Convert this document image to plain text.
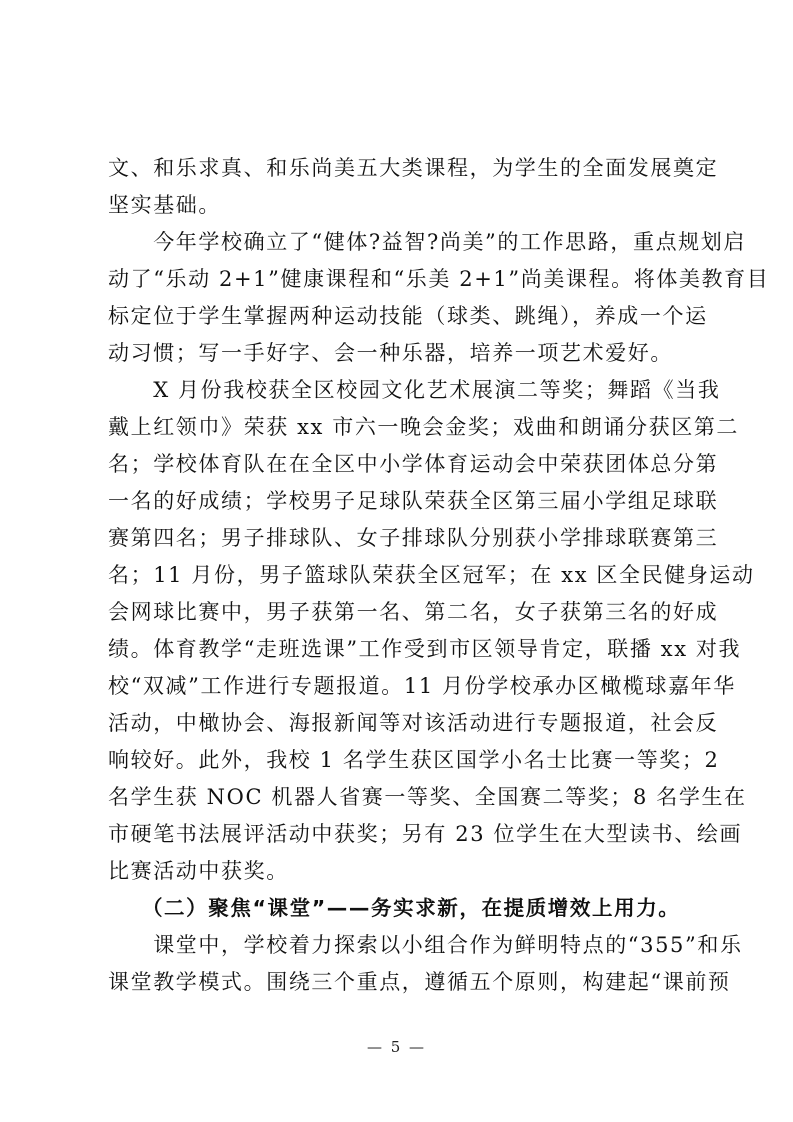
文、和乐求真、和乐尚美五大类课程，为学生的全面发展奠定
坚实基础。
　　今年学校确立了“健体?益智?尚美”的工作思路，重点规划启
动了“乐动 2+1”健康课程和“乐美 2+1”尚美课程。将体美教育目
标定位于学生掌握两种运动技能（球类、跳绳），养成一个运
动习惯；写一手好字、会一种乐器，培养一项艺术爱好。
　　X 月份我校获全区校园文化艺术展演二等奖；舞蹈《当我
戴上红领巾》荣获 xx 市六一晚会金奖；戏曲和朗诵分获区第二
名；学校体育队在在全区中小学体育运动会中荣获团体总分第
一名的好成绩；学校男子足球队荣获全区第三届小学组足球联
赛第四名；男子排球队、女子排球队分别获小学排球联赛第三
名；11 月份，男子篮球队荣获全区冠军；在 xx 区全民健身运动
会网球比赛中，男子获第一名、第二名，女子获第三名的好成
绩。体育教学“走班选课”工作受到市区领导肯定，联播 xx 对我
校“双减”工作进行专题报道。11 月份学校承办区橄榄球嘉年华
活动，中橄协会、海报新闻等对该活动进行专题报道，社会反
响较好。此外，我校 1 名学生获区国学小名士比赛一等奖；2
名学生获 NOC 机器人省赛一等奖、全国赛二等奖；8 名学生在
市硬笔书法展评活动中获奖；另有 23 位学生在大型读书、绘画
比赛活动中获奖。
　　（二）聚焦“课堂”——务实求新，在提质增效上用力。
　　课堂中，学校着力探索以小组合作为鲜明特点的“355”和乐
课堂教学模式。围绕三个重点，遵循五个原则，构建起“课前预
— 5 —
